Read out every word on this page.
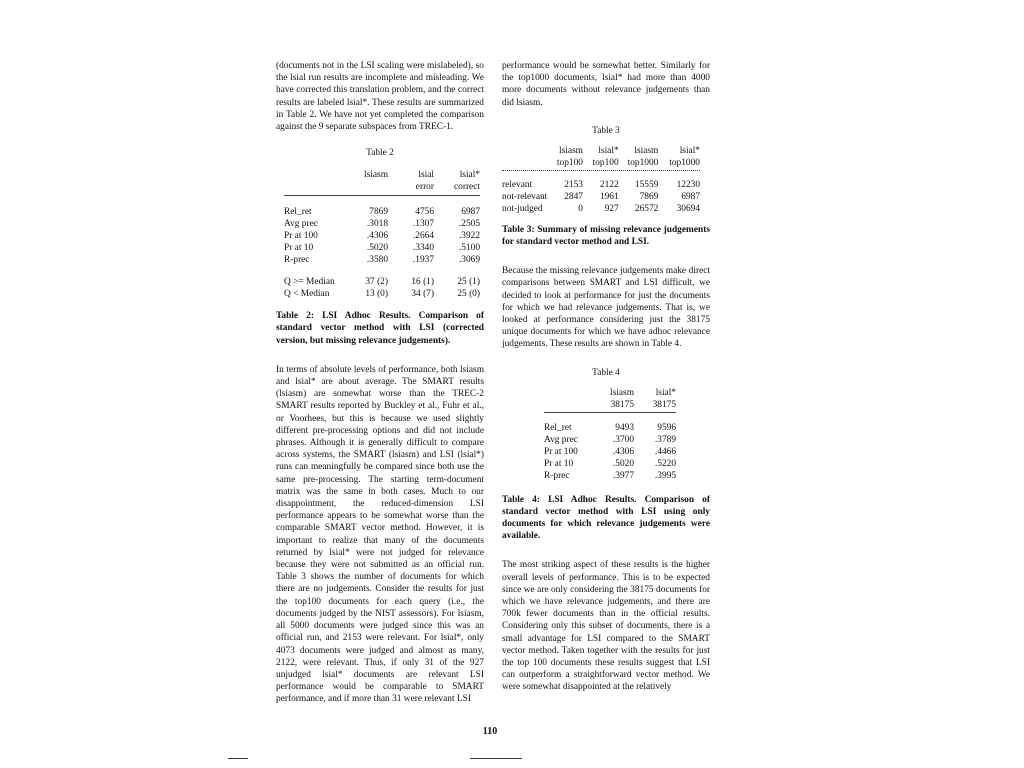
(documents not in the LSI scaling were mislabeled), so the lsial run results are incomplete and misleading. We have corrected this translation problem, and the correct results are labeled lsial*. These results are summarized in Table 2. We have not yet completed the comparison against the 9 separate subspaces from TREC-1.

Table 2
	lsiasm	lsial	lsial*
		error	correct

Rel_ret	7869	4756	6987
Avg prec	.3018	.1307	.2505
Pr at 100	.4306	.2664	.3922
Pr at 10	.5020	.3340	.5100
R-prec	.3580	.1937	.3069

Q >= Median	37 (2)	16 (1)	25 (1)
Q < Median	13 (0)	34 (7)	25 (0)

Table 2: LSI Adhoc Results. Comparison of standard vector method with LSI (corrected version, but missing relevance judgements).

In terms of absolute levels of performance, both lsiasm and lsial* are about average. The SMART results (lsiasm) are somewhat worse than the TREC-2 SMART results reported by Buckley et al., Fuhr et al., or Voorhees, but this is because we used slightly different pre-processing options and did not include phrases. Although it is generally difficult to compare across systems, the SMART (lsiasm) and LSI (lsial*) runs can meaningfully be compared since both use the same pre-processing. The starting term-document matrix was the same in both cases. Much to our disappointment, the reduced-dimension LSI performance appears to be somewhat worse than the comparable SMART vector method. However, it is important to realize that many of the documents returned by lsial* were not judged for relevance because they were not submitted as an official run. Table 3 shows the number of documents for which there are no judgements. Consider the results for just the top100 documents for each query (i.e., the documents judged by the NIST assessors). For lsiasm, all 5000 documents were judged since this was an official run, and 2153 were relevant. For lsial*, only 4073 documents were judged and almost as many, 2122, were relevant. Thus, if only 31 of the 927 unjudged lsial* documents are relevant LSI performance would be comparable to SMART performance, and if more than 31 were relevant LSI

performance would be somewhat better. Similarly for the top1000 documents, lsial* had more than 4000 more documents without relevance judgements than did lsiasm.

Table 3
	lsiasm	lsial*	lsiasm	lsial*
	top100	top100	top1000	top1000

relevant	2153	2122	15559	12230
not-relevant	2847	1961	7869	6987
not-judged	0	927	26572	30694

Table 3: Summary of missing relevance judgements for standard vector method and LSI.

Because the missing relevance judgements make direct comparisons between SMART and LSI difficult, we decided to look at performance for just the documents for which we had relevance judgements. That is, we looked at performance considering just the 38175 unique documents for which we have adhoc relevance judgements. These results are shown in Table 4.

Table 4
	lsiasm	lsial*
	38175	38175

Rel_ret	9493	9596
Avg prec	.3700	.3789
Pr at 100	.4306	.4466
Pr at 10	.5020	.5220
R-prec	.3977	.3995

Table 4: LSI Adhoc Results. Comparison of standard vector method with LSI using only documents for which relevance judgements were available.

The most striking aspect of these results is the higher overall levels of performance. This is to be expected since we are only considering the 38175 documents for which we have relevance judgements, and there are 700k fewer documents than in the official results. Considering only this subset of documents, there is a small advantage for LSI compared to the SMART vector method. Taken together with the results for just the top 100 documents these results suggest that LSI can outperform a straightforward vector method. We were somewhat disappointed at the relatively

110
